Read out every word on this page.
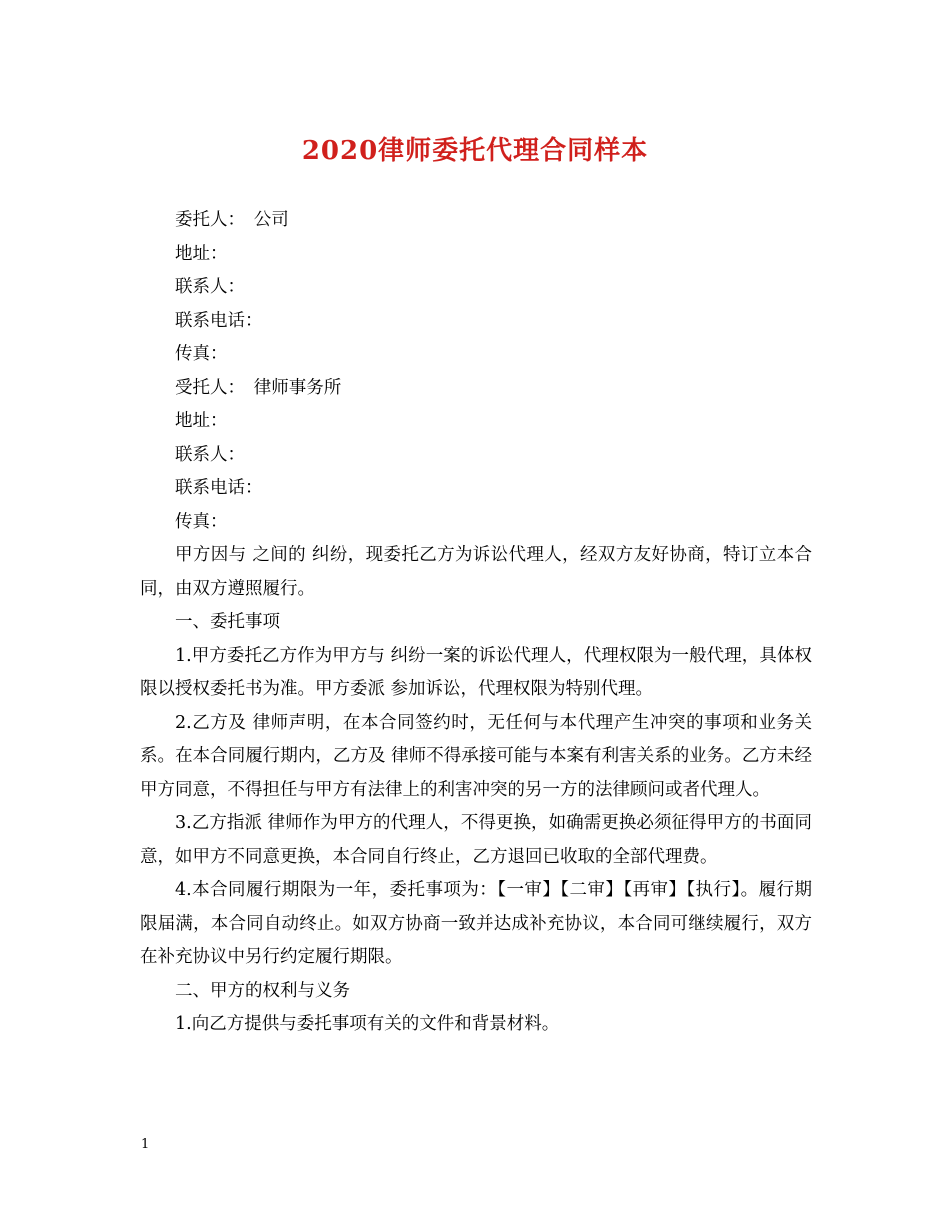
2020律师委托代理合同样本

委托人：　公司

地址：

联系人：

联系电话：

传真：

受托人：　律师事务所

地址：

联系人：

联系电话：

传真：

甲方因与 之间的 纠纷，现委托乙方为诉讼代理人，经双方友好协商，特订立本合同，由双方遵照履行。

一、委托事项

1.甲方委托乙方作为甲方与 纠纷一案的诉讼代理人，代理权限为一般代理，具体权限以授权委托书为准。甲方委派 参加诉讼，代理权限为特别代理。

2.乙方及 律师声明，在本合同签约时，无任何与本代理产生冲突的事项和业务关系。在本合同履行期内，乙方及 律师不得承接可能与本案有利害关系的业务。乙方未经甲方同意，不得担任与甲方有法律上的利害冲突的另一方的法律顾问或者代理人。

3.乙方指派 律师作为甲方的代理人，不得更换，如确需更换必须征得甲方的书面同意，如甲方不同意更换，本合同自行终止，乙方退回已收取的全部代理费。

4.本合同履行期限为一年，委托事项为：【一审】【二审】【再审】【执行】。履行期限届满，本合同自动终止。如双方协商一致并达成补充协议，本合同可继续履行，双方在补充协议中另行约定履行期限。

二、甲方的权利与义务

1.向乙方提供与委托事项有关的文件和背景材料。

1
